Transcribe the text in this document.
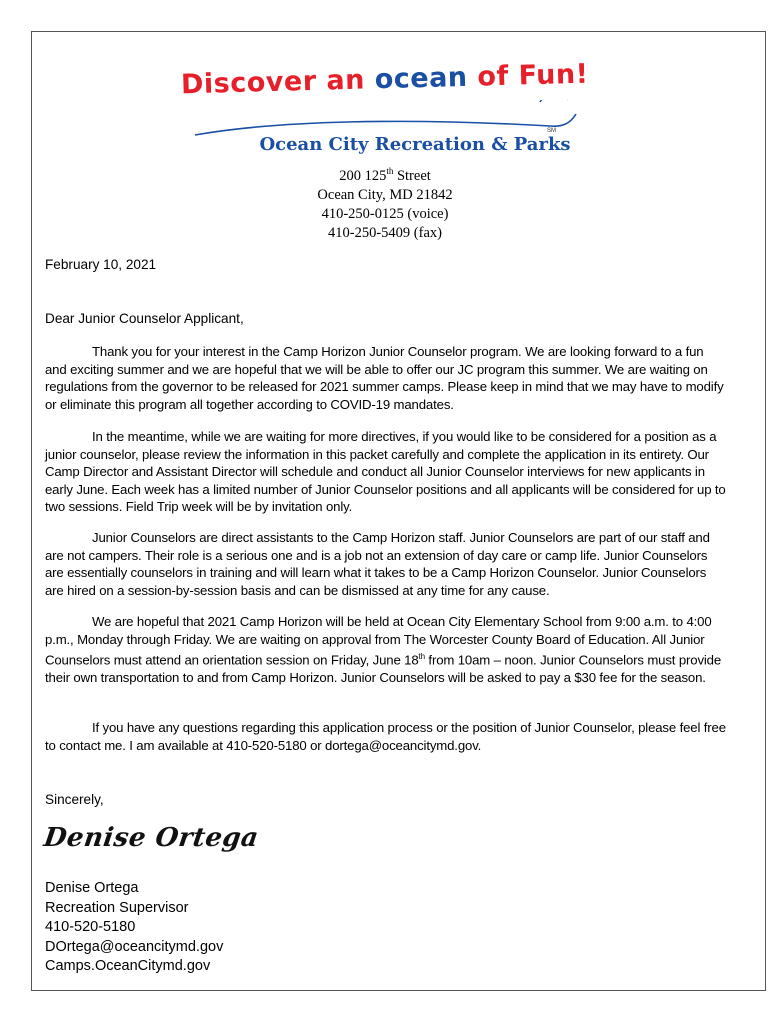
Discover an ocean of Fun!
SM
Ocean City Recreation & Parks
200 125th Street
Ocean City, MD 21842
410-250-0125 (voice)
410-250-5409 (fax)
February 10, 2021
Dear Junior Counselor Applicant,
Thank you for your interest in the Camp Horizon Junior Counselor program. We are looking forward to a fun and exciting summer and we are hopeful that we will be able to offer our JC program this summer. We are waiting on regulations from the governor to be released for 2021 summer camps. Please keep in mind that we may have to modify or eliminate this program all together according to COVID-19 mandates.
In the meantime, while we are waiting for more directives, if you would like to be considered for a position as a junior counselor, please review the information in this packet carefully and complete the application in its entirety. Our Camp Director and Assistant Director will schedule and conduct all Junior Counselor interviews for new applicants in early June. Each week has a limited number of Junior Counselor positions and all applicants will be considered for up to two sessions. Field Trip week will be by invitation only.
Junior Counselors are direct assistants to the Camp Horizon staff. Junior Counselors are part of our staff and are not campers. Their role is a serious one and is a job not an extension of day care or camp life. Junior Counselors are essentially counselors in training and will learn what it takes to be a Camp Horizon Counselor. Junior Counselors are hired on a session-by-session basis and can be dismissed at any time for any cause.
We are hopeful that 2021 Camp Horizon will be held at Ocean City Elementary School from 9:00 a.m. to 4:00 p.m., Monday through Friday. We are waiting on approval from The Worcester County Board of Education. All Junior Counselors must attend an orientation session on Friday, June 18th from 10am – noon. Junior Counselors must provide their own transportation to and from Camp Horizon. Junior Counselors will be asked to pay a $30 fee for the season.
If you have any questions regarding this application process or the position of Junior Counselor, please feel free to contact me. I am available at 410-520-5180 or dortega@oceancitymd.gov.
Sincerely,
Denise Ortega
Denise Ortega
Recreation Supervisor
410-520-5180
DOrtega@oceancitymd.gov
Camps.OceanCitymd.gov
